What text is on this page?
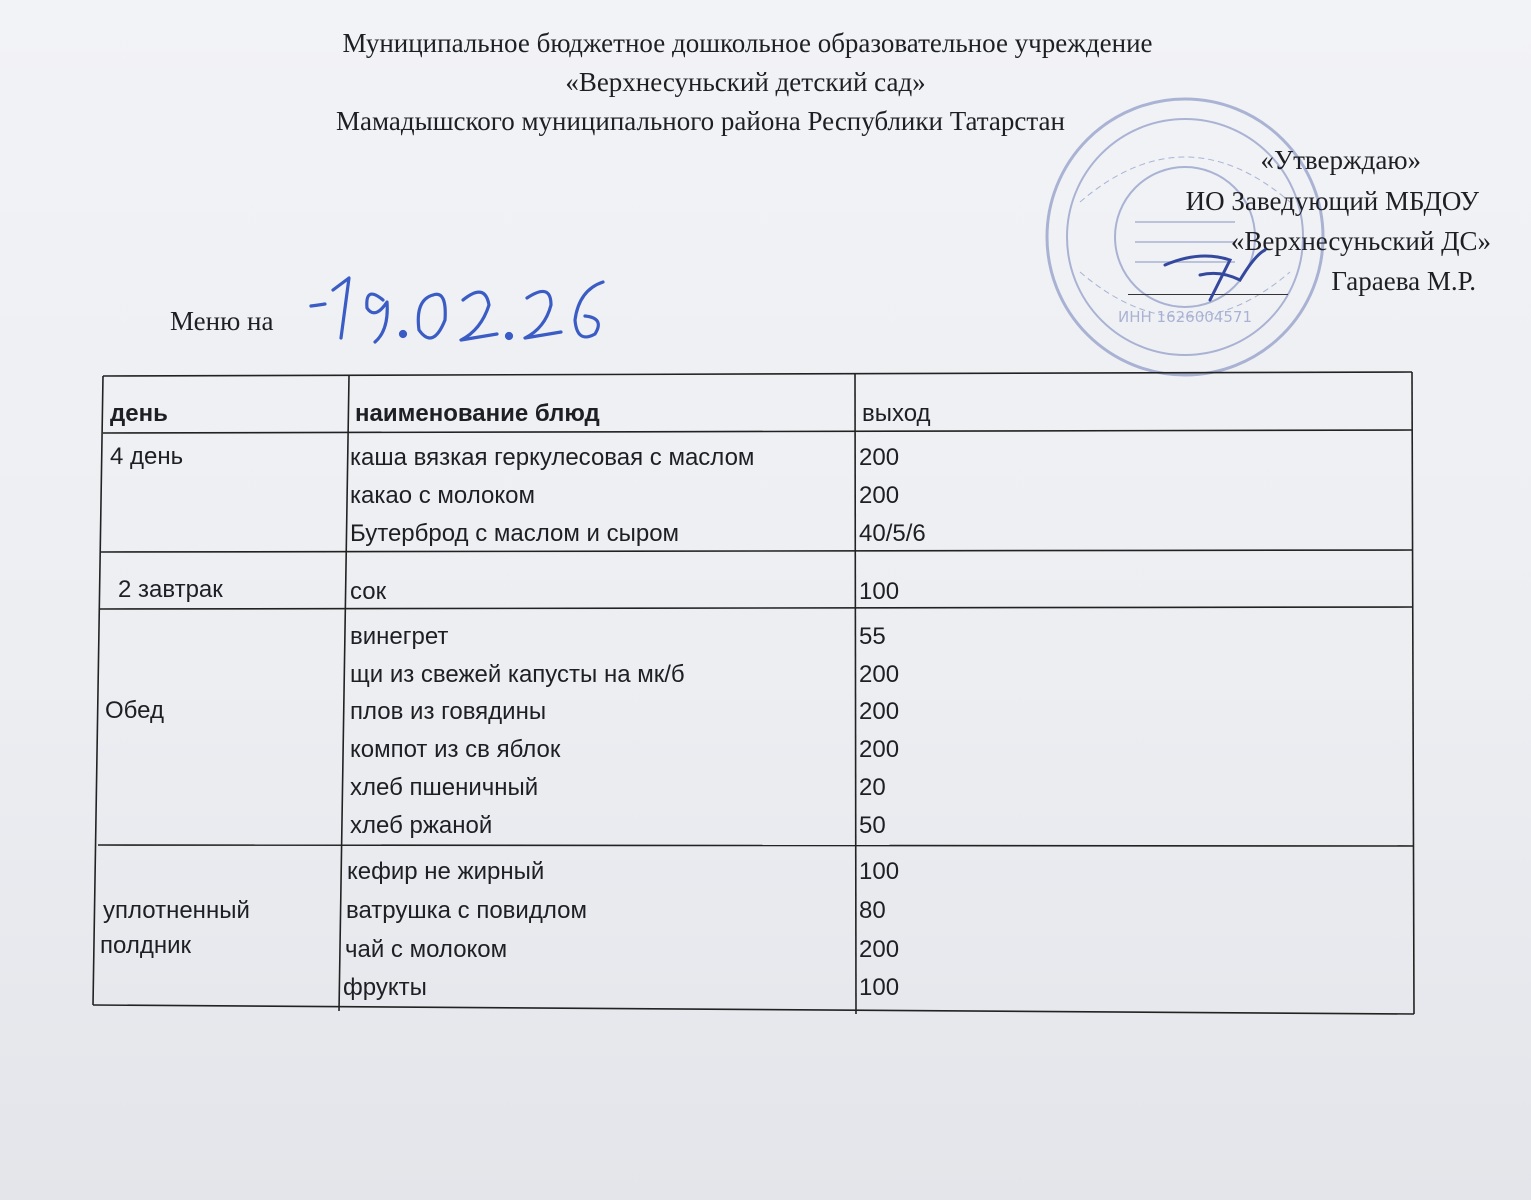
Муниципальное бюджетное дошкольное образовательное учреждение
«Верхнесуньский детский сад»
Мамадышского муниципального района Республики Татарстан
ИНН 1626004571
«Утверждаю»
ИО Заведующий МБДОУ
«Верхнесуньский ДС»
Гараева М.Р.
Меню на
день	наименование блюд	выход
4 день	каша вязкая геркулесовая с маслом	200
какао с молоком	200
Бутерброд с маслом и сыром	40/5/6
2 завтрак	сок	100
Обед
винегрет	55
щи из свежей капусты на мк/б	200
плов из говядины	200
компот из св яблок	200
хлеб пшеничный	20
хлеб ржаной	50
уплотненный
полдник
кефир не жирный	100
ватрушка с повидлом	80
чай с молоком	200
фрукты	100
